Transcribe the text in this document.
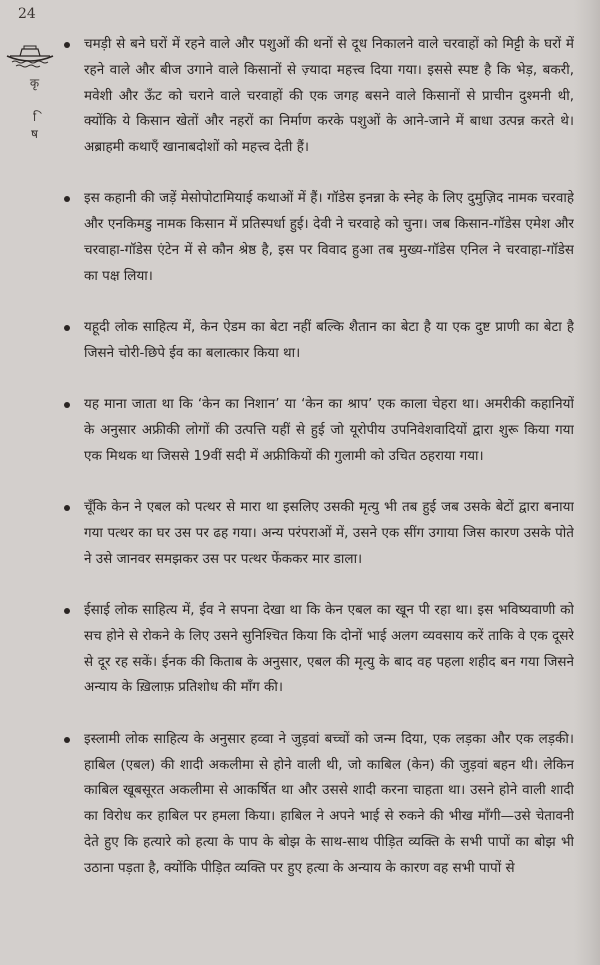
24
कृषि
चमड़ी से बने घरों में रहने वाले और पशुओं की थनों से दूध निकालने वाले चरवाहों को मिट्टी के घरों में रहने वाले और बीज उगाने वाले किसानों से ज़्यादा महत्त्व दिया गया। इससे स्पष्ट है कि भेड़, बकरी, मवेशी और ऊँट को चराने वाले चरवाहों की एक जगह बसने वाले किसानों से प्राचीन दुश्मनी थी, क्योंकि ये किसान खेतों और नहरों का निर्माण करके पशुओं के आने-जाने में बाधा उत्पन्न करते थे। अब्राहमी कथाएँ खानाबदोशों को महत्त्व देती हैं।
इस कहानी की जड़ें मेसोपोटामियाई कथाओं में हैं। गॉडेस इनन्ना के स्नेह के लिए दुमुज़िद नामक चरवाहे और एनकिमडु नामक किसान में प्रतिस्पर्धा हुई। देवी ने चरवाहे को चुना। जब किसान-गॉडेस एमेश और चरवाहा-गॉडेस एंटेन में से कौन श्रेष्ठ है, इस पर विवाद हुआ तब मुख्य-गॉडेस एनिल ने चरवाहा-गॉडेस का पक्ष लिया।
यहूदी लोक साहित्य में, केन ऐडम का बेटा नहीं बल्कि शैतान का बेटा है या एक दुष्ट प्राणी का बेटा है जिसने चोरी-छिपे ईव का बलात्कार किया था।
यह माना जाता था कि ‘केन का निशान’ या ‘केन का श्राप’ एक काला चेहरा था। अमरीकी कहानियों के अनुसार अफ्रीकी लोगों की उत्पत्ति यहीं से हुई जो यूरोपीय उपनिवेशवादियों द्वारा शुरू किया गया एक मिथक था जिससे 19वीं सदी में अफ्रीकियों की गुलामी को उचित ठहराया गया।
चूँकि केन ने एबल को पत्थर से मारा था इसलिए उसकी मृत्यु भी तब हुई जब उसके बेटों द्वारा बनाया गया पत्थर का घर उस पर ढह गया। अन्य परंपराओं में, उसने एक सींग उगाया जिस कारण उसके पोते ने उसे जानवर समझकर उस पर पत्थर फेंककर मार डाला।
ईसाई लोक साहित्य में, ईव ने सपना देखा था कि केन एबल का खून पी रहा था। इस भविष्यवाणी को सच होने से रोकने के लिए उसने सुनिश्चित किया कि दोनों भाई अलग व्यवसाय करें ताकि वे एक दूसरे से दूर रह सकें। ईनक की किताब के अनुसार, एबल की मृत्यु के बाद वह पहला शहीद बन गया जिसने अन्याय के ख़िलाफ़ प्रतिशोध की माँग की।
इस्लामी लोक साहित्य के अनुसार हव्वा ने जुड़वां बच्चों को जन्म दिया, एक लड़का और एक लड़की। हाबिल (एबल) की शादी अकलीमा से होने वाली थी, जो काबिल (केन) की जुड़वां बहन थी। लेकिन काबिल खूबसूरत अकलीमा से आकर्षित था और उससे शादी करना चाहता था। उसने होने वाली शादी का विरोध कर हाबिल पर हमला किया। हाबिल ने अपने भाई से रुकने की भीख माँगी—उसे चेतावनी देते हुए कि हत्यारे को हत्या के पाप के बोझ के साथ-साथ पीड़ित व्यक्ति के सभी पापों का बोझ भी उठाना पड़ता है, क्योंकि पीड़ित व्यक्ति पर हुए हत्या के अन्याय के कारण वह सभी पापों से
